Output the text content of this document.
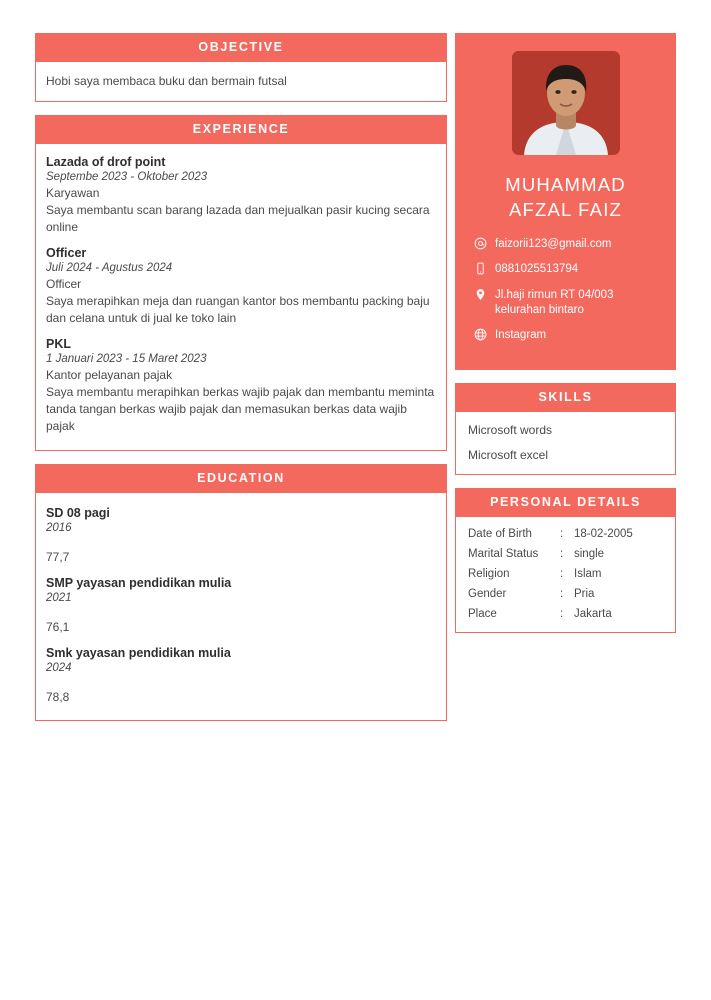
OBJECTIVE
Hobi saya membaca buku dan bermain futsal
EXPERIENCE
Lazada of drof point
Septembe 2023 - Oktober 2023
Karyawan
Saya membantu scan barang lazada dan mejualkan pasir kucing secara online
Officer
Juli 2024 - Agustus 2024
Officer
Saya merapihkan meja dan ruangan kantor bos membantu packing baju dan celana untuk di jual ke toko lain
PKL
1 Januari 2023 - 15 Maret 2023
Kantor pelayanan pajak
Saya membantu merapihkan berkas wajib pajak dan membantu meminta tanda tangan berkas wajib pajak dan memasukan berkas data wajib pajak
EDUCATION
SD 08 pagi
2016
77,7
SMP yayasan pendidikan mulia
2021
76,1
Smk yayasan pendidikan mulia
2024
78,8
MUHAMMAD
AFZAL FAIZ
faizorii123@gmail.com
0881025513794
Jl.haji rirnun RT 04/003 kelurahan bintaro
Instagram
SKILLS
Microsoft words
Microsoft excel
PERSONAL DETAILS
Date of Birth	: 18-02-2005
Marital Status	: single
Religion	: Islam
Gender	: Pria
Place	: Jakarta
